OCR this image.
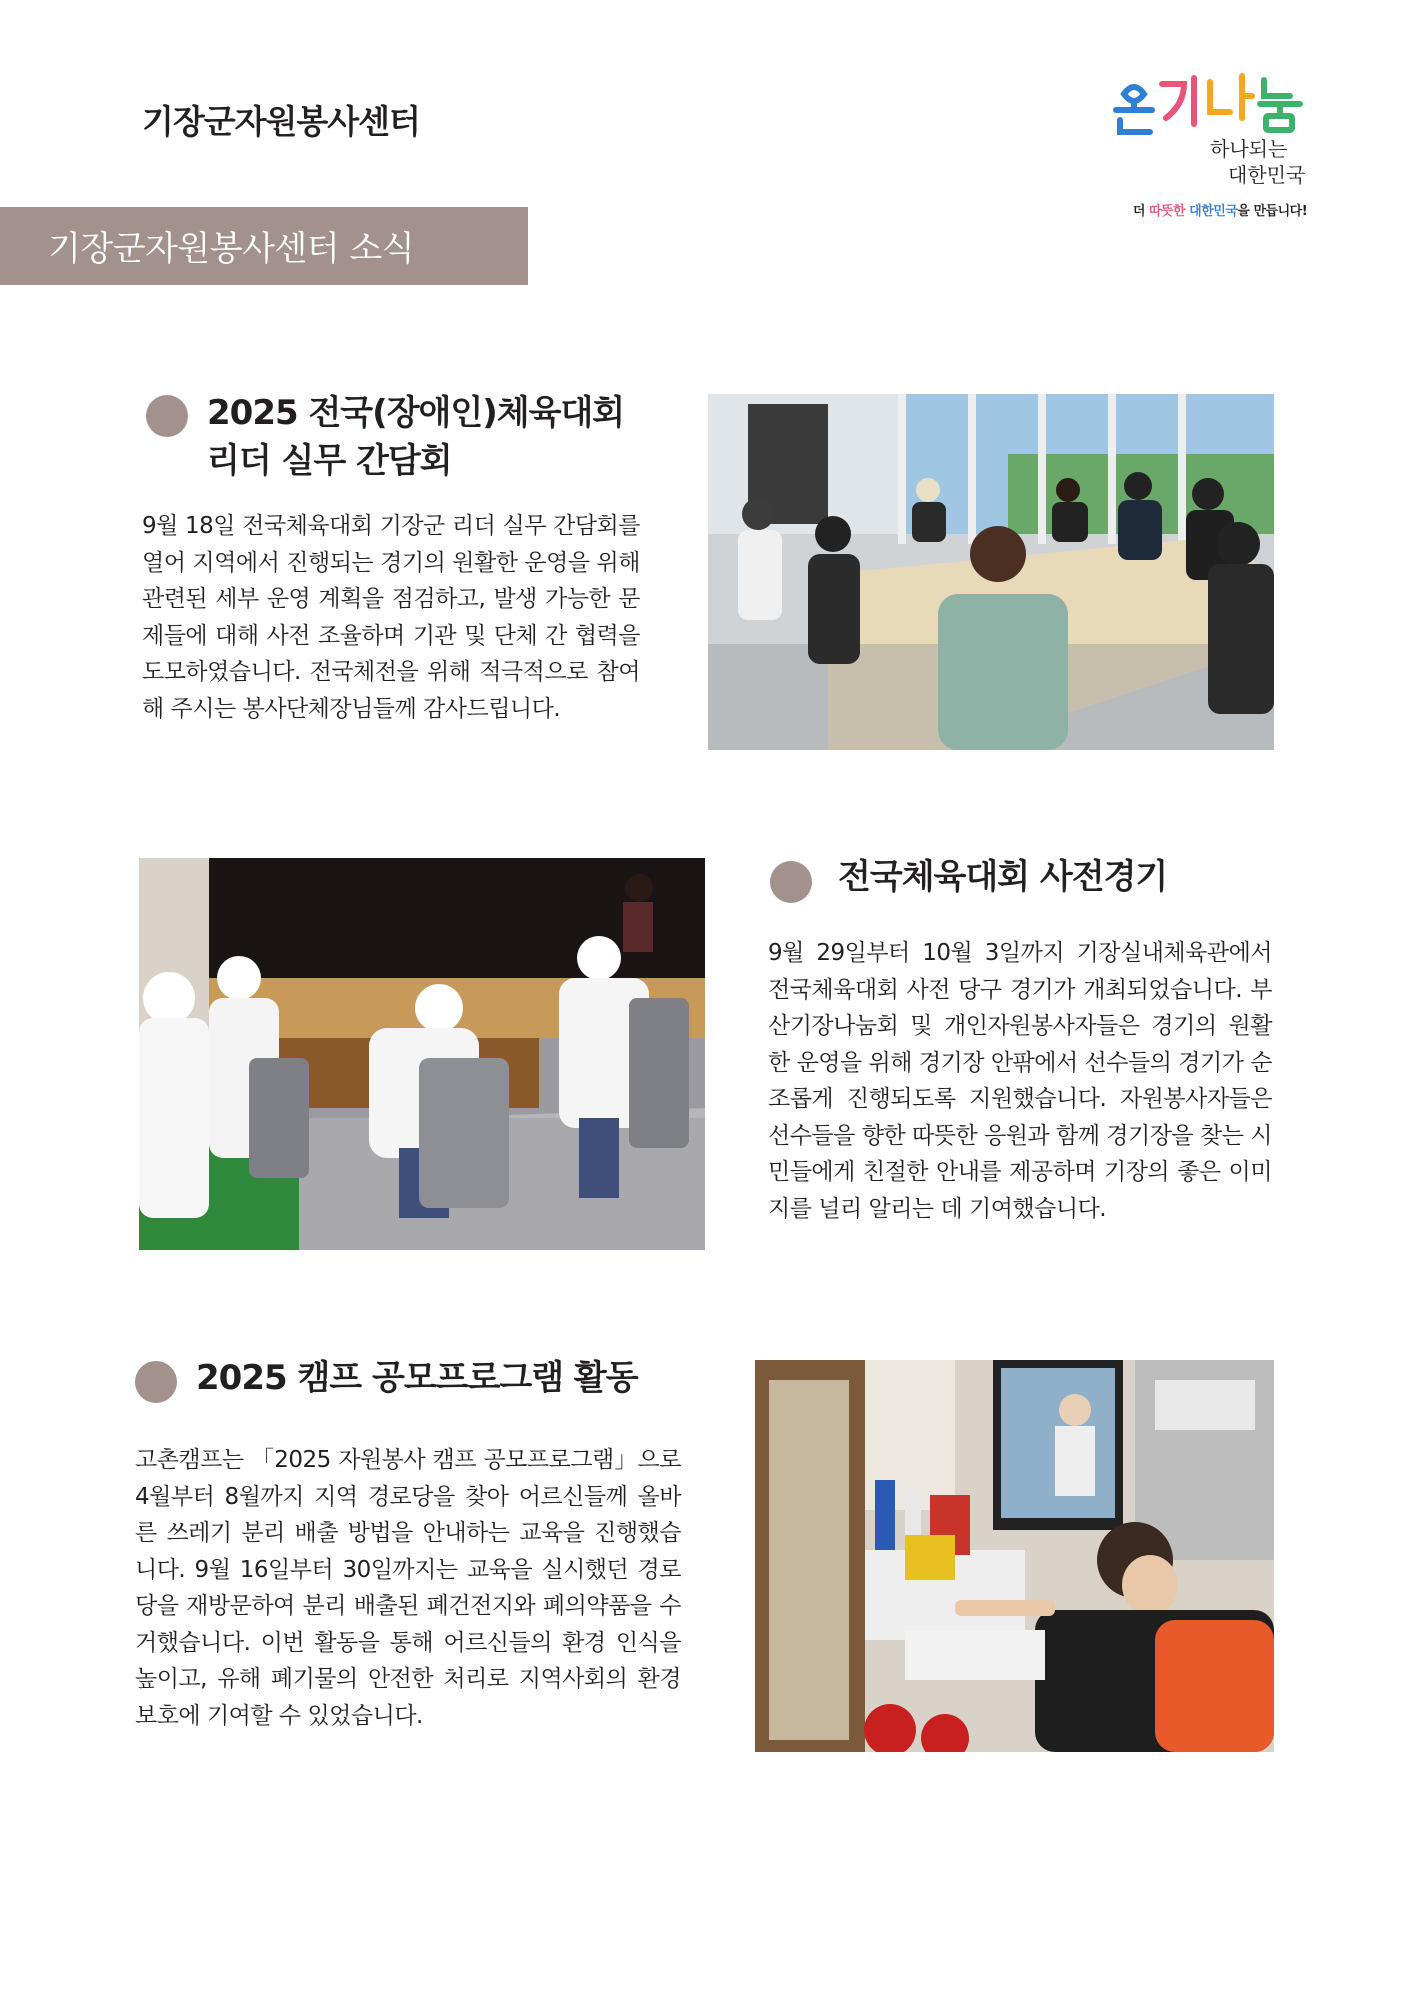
기장군자원봉사센터
하나되는
대한민국
더 따뜻한 대한민국을 만듭니다!
기장군자원봉사센터 소식
2025 전국(장애인)체육대회
리더 실무 간담회
9월 18일 전국체육대회 기장군 리더 실무 간담회를 열어 지역에서 진행되는 경기의 원활한 운영을 위해 관련된 세부 운영 계획을 점검하고, 발생 가능한 문제들에 대해 사전 조율하며 기관 및 단체 간 협력을 도모하였습니다. 전국체전을 위해 적극적으로 참여해 주시는 봉사단체장님들께 감사드립니다.
전국체육대회 사전경기
9월 29일부터 10월 3일까지 기장실내체육관에서 전국체육대회 사전 당구 경기가 개최되었습니다. 부산기장나눔회 및 개인자원봉사자들은 경기의 원활한 운영을 위해 경기장 안팎에서 선수들의 경기가 순조롭게 진행되도록 지원했습니다. 자원봉사자들은 선수들을 향한 따뜻한 응원과 함께 경기장을 찾는 시민들에게 친절한 안내를 제공하며 기장의 좋은 이미지를 널리 알리는 데 기여했습니다.
2025 캠프 공모프로그램 활동
고촌캠프는 「2025 자원봉사 캠프 공모프로그램」으로 4월부터 8월까지 지역 경로당을 찾아 어르신들께 올바른 쓰레기 분리 배출 방법을 안내하는 교육을 진행했습니다. 9월 16일부터 30일까지는 교육을 실시했던 경로당을 재방문하여 분리 배출된 폐건전지와 폐의약품을 수거했습니다. 이번 활동을 통해 어르신들의 환경 인식을 높이고, 유해 폐기물의 안전한 처리로 지역사회의 환경보호에 기여할 수 있었습니다.
